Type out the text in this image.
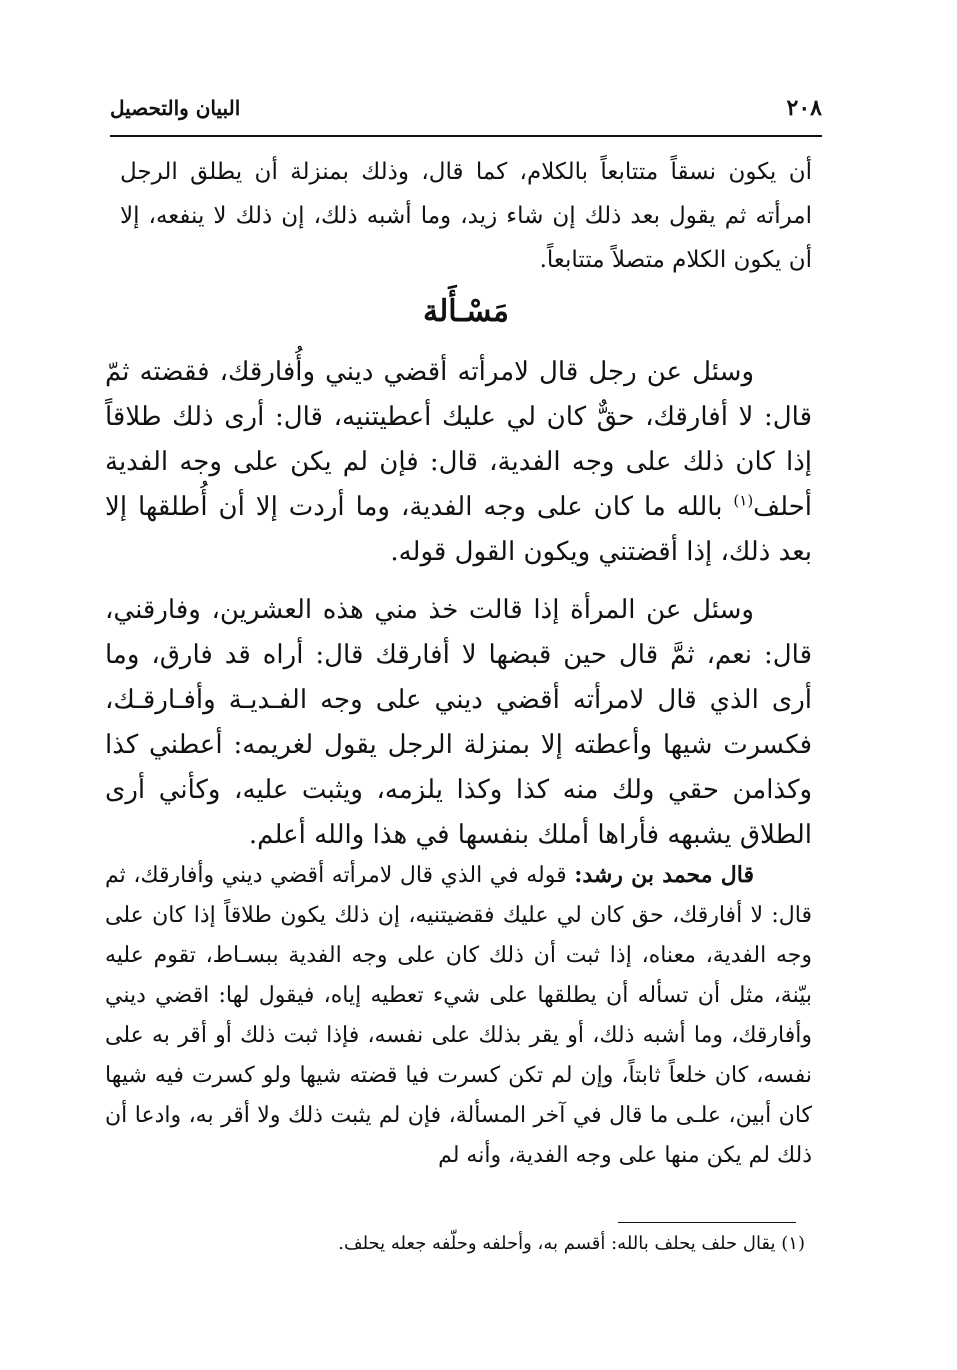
٢٠٨
البيان والتحصيل

أن يكون نسقاً متتابعاً بالكلام، كما قال، وذلك بمنزلة أن يطلق الرجل امرأته ثم يقول بعد ذلك إن شاء زيد، وما أشبه ذلك، إن ذلك لا ينفعه، إلا أن يكون الكلام متصلاً متتابعاً.

مَسْـأَلة

وسئل عن رجل قال لامرأته أقضي ديني وأُفارقك، فقضته ثمّ قال: لا أفارقك، حقٌّ كان لي عليك أعطيتنيه، قال: أرى ذلك طلاقاً إذا كان ذلك على وجه الفدية، قال: فإن لم يكن على وجه الفدية أحلف$^{(١)}$ بالله ما كان على وجه الفدية، وما أردت إلا أن أُطلقها إلا بعد ذلك، إذا أقضتني ويكون القول قوله.

وسئل عن المرأة إذا قالت خذ مني هذه العشرين، وفارقني، قال: نعم، ثمَّ قال حين قبضها لا أفارقك قال: أراه قد فارق، وما أرى الذي قال لامرأته أقضي ديني على وجه الفـديـة وأفـارقـك، فكسرت شيها وأعطته إلا بمنزلة الرجل يقول لغريمه: أعطني كذا وكذامن حقي ولك منه كذا وكذا يلزمه، ويثبت عليه، وكأني أرى الطلاق يشبهه فأراها أملك بنفسها في هذا والله أعلم.

قال محمد بن رشد: قوله في الذي قال لامرأته أقضي ديني وأفارقك، ثم قال: لا أفارقك، حق كان لي عليك فقضيتنيه، إن ذلك يكون طلاقاً إذا كان على وجه الفدية، معناه، إذا ثبت أن ذلك كان على وجه الفدية ببسـاط، تقوم عليه بيّنة، مثل أن تسأله أن يطلقها على شيء تعطيه إياه، فيقول لها: اقضي ديني وأفارقك، وما أشبه ذلك، أو يقر بذلك على نفسه، فإذا ثبت ذلك أو أقر به على نفسه، كان خلعاً ثابتاً، وإن لم تكن كسرت فيا قضته شيها ولو كسرت فيه شيها كان أبين، علـى ما قال في آخر المسألة، فإن لم يثبت ذلك ولا أقر به، وادعا أن ذلك لم يكن منها على وجه الفدية، وأنه لم

(١) يقال حلف يحلف بالله: أقسم به، وأحلفه وحلّفه جعله يحلف.
